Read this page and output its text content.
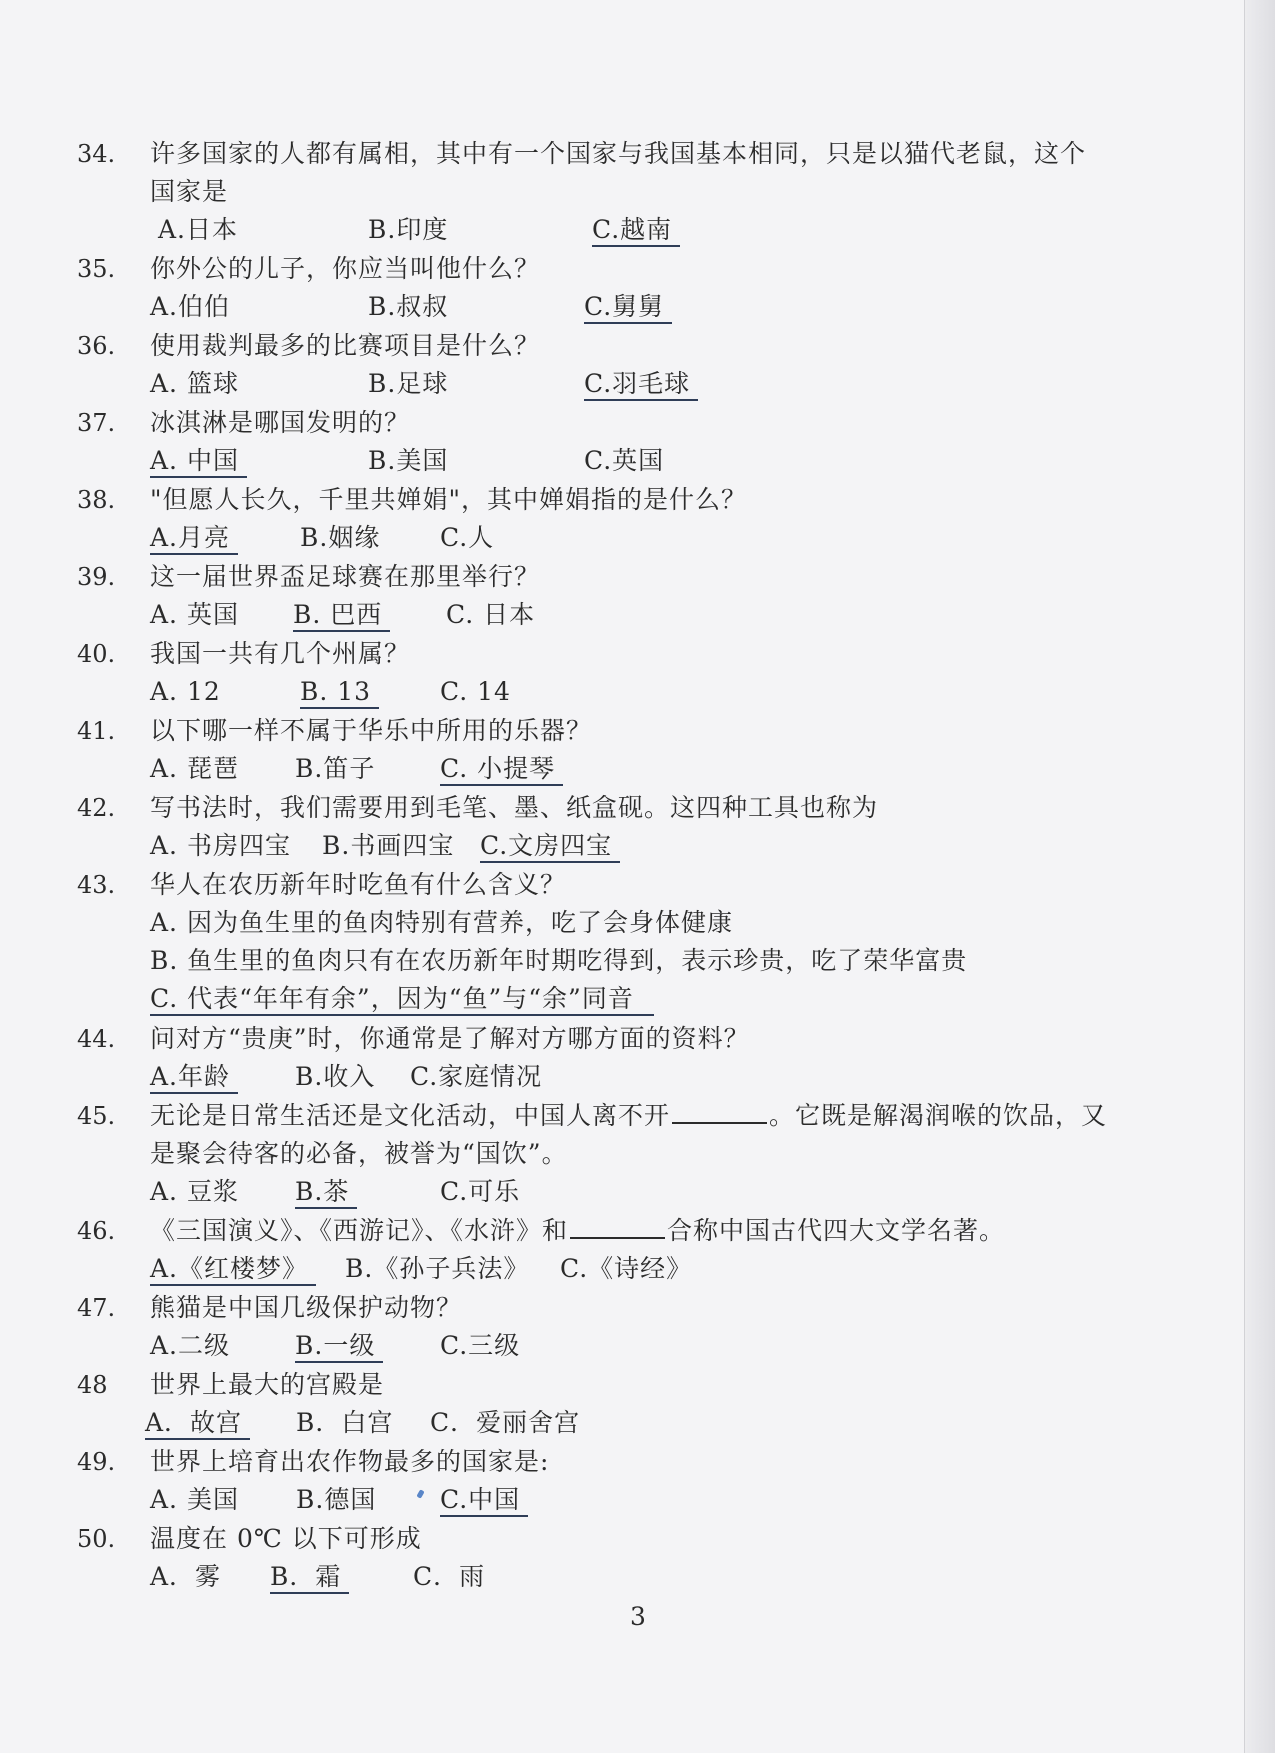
34. 许多国家的人都有属相，其中有一个国家与我国基本相同，只是以猫代老鼠，这个
国家是
A.日本	B.印度	C.越南
35. 你外公的儿子，你应当叫他什么？
A.伯伯	B.叔叔	C.舅舅
36. 使用裁判最多的比赛项目是什么？
A. 篮球	B.足球	C.羽毛球
37. 冰淇淋是哪国发明的？
A. 中国	B.美国	C.英国
38. "但愿人长久，千里共婵娟"，其中婵娟指的是什么？
A.月亮	B.姻缘 C.人
39. 这一届世界盃足球赛在那里举行？
A. 英国 B. 巴西	C. 日本
40. 我国一共有几个州属？
A. 12	B. 13	C. 14
41. 以下哪一样不属于华乐中所用的乐器？
A. 琵琶 B.笛子	C. 小提琴
42. 写书法时，我们需要用到毛笔、墨、纸盒砚。这四种工具也称为
A. 书房四宝 B.书画四宝 C.文房四宝
43. 华人在农历新年时吃鱼有什么含义？
A. 因为鱼生里的鱼肉特别有营养，吃了会身体健康
B. 鱼生里的鱼肉只有在农历新年时期吃得到，表示珍贵，吃了荣华富贵
C. 代表“年年有余”，因为“鱼”与“余”同音
44. 问对方“贵庚”时，你通常是了解对方哪方面的资料？
A.年龄	B.收入 C.家庭情况
45. 无论是日常生活还是文化活动，中国人离不开	。它既是解渴润喉的饮品，又
是聚会待客的必备，被誉为“国饮”。
A. 豆浆 B.茶	C.可乐
46. 《三国演义》、《西游记》、《水浒》和	合称中国古代四大文学名著。
A.《红楼梦》	B.《孙子兵法》 C.《诗经》
47. 熊猫是中国几级保护动物？
A.二级	B.一级	C.三级
48 世界上最大的宫殿是
A．故宫	B．白宫 C．爱丽舍宫
49. 世界上培育出农作物最多的国家是:
A. 美国 B.德国	C.中国
50. 温度在 0℃ 以下可形成
A．雾 B．霜	C．雨
3
